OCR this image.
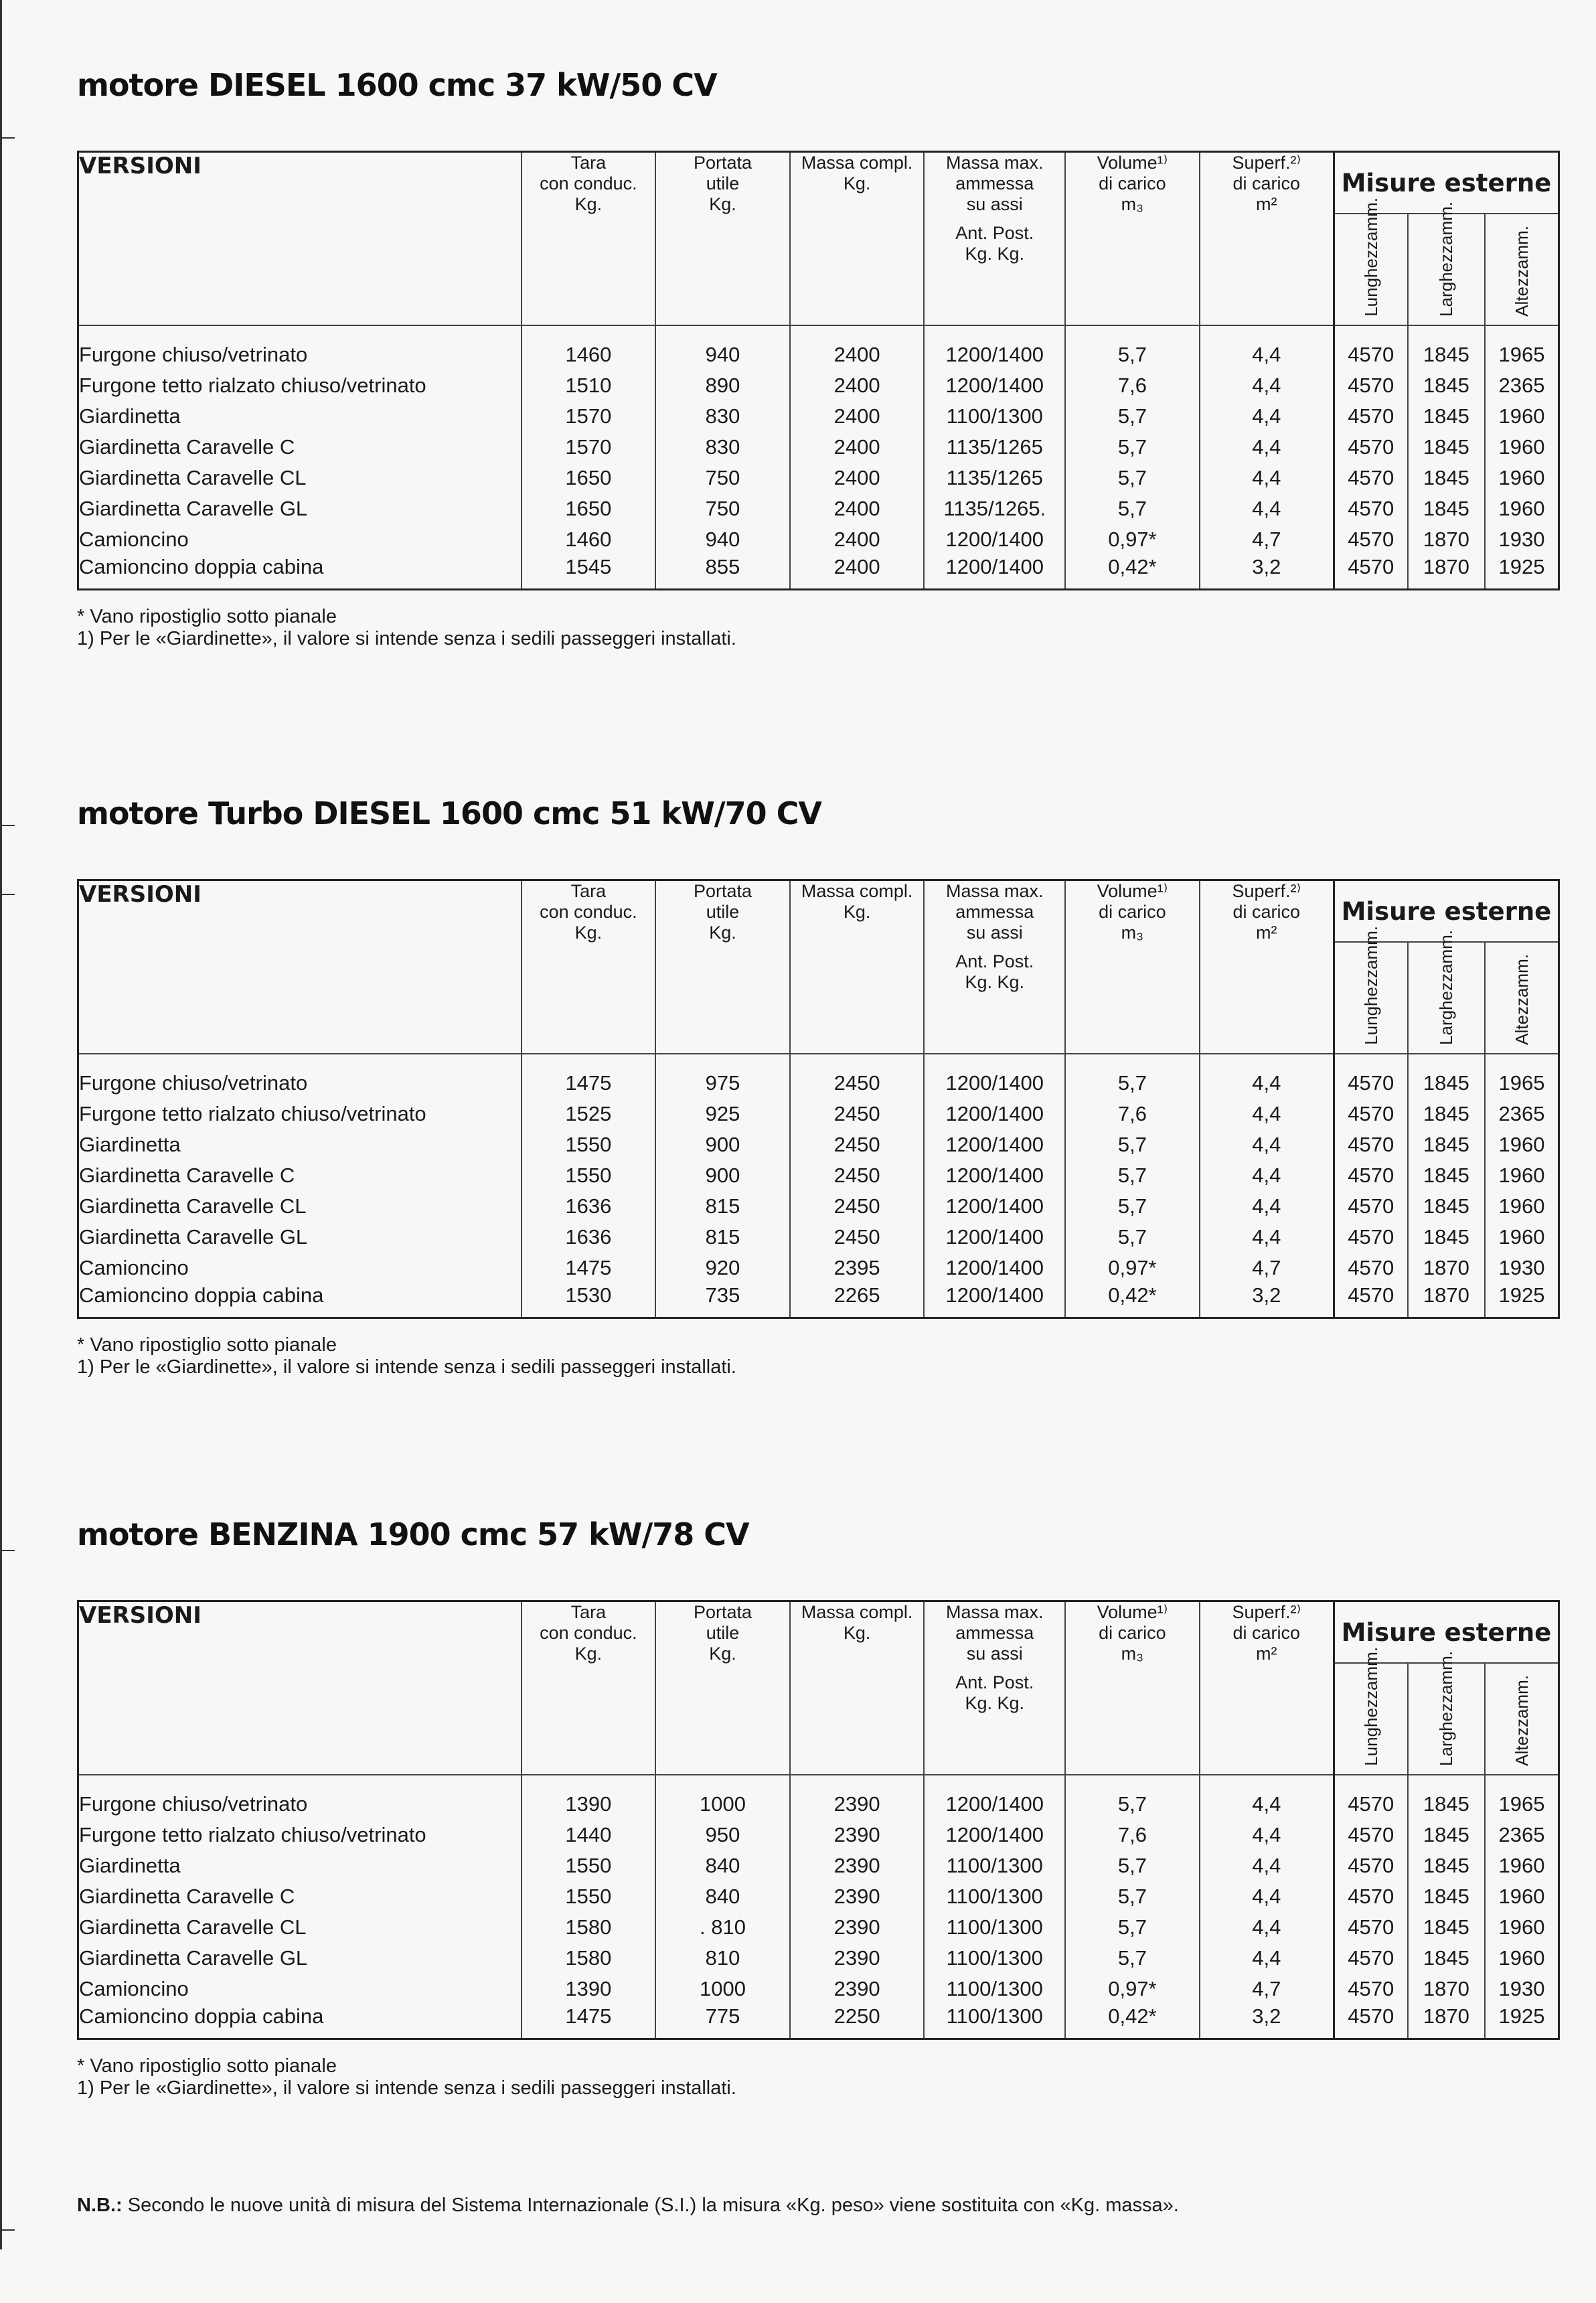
motore DIESEL 1600 cmc 37 kW/50 CV
VERSIONI	Tara
con conduc.
Kg.	Portata
utile
Kg.	Massa compl.
Kg.	Massa max.
ammessa
su assi
Ant. Post.
Kg. Kg.	Volume¹⁾
di carico
m₃	Superf.²⁾
di carico
m²	Misure esterne		

							Lunghezzamm.	Larghezzamm.	Altezzamm.

Furgone chiuso/vetrinato	1460	940	2400	1200/1400	5,7	4,4	4570	1845	1965
Furgone tetto rialzato chiuso/vetrinato	1510	890	2400	1200/1400	7,6	4,4	4570	1845	2365
Giardinetta	1570	830	2400	1100/1300	5,7	4,4	4570	1845	1960
Giardinetta Caravelle C	1570	830	2400	1135/1265	5,7	4,4	4570	1845	1960
Giardinetta Caravelle CL	1650	750	2400	1135/1265	5,7	4,4	4570	1845	1960
Giardinetta Caravelle GL	1650	750	2400	1135/1265.	5,7	4,4	4570	1845	1960
Camioncino	1460	940	2400	1200/1400	0,97*	4,7	4570	1870	1930
Camioncino doppia cabina	1545	855	2400	1200/1400	0,42*	3,2	4570	1870	1925

* Vano ripostiglio sotto pianale

1) Per le «Giardinette», il valore si intende senza i sedili passeggeri installati.

motore Turbo DIESEL 1600 cmc 51 kW/70 CV
VERSIONI	Tara
con conduc.
Kg.	Portata
utile
Kg.	Massa compl.
Kg.	Massa max.
ammessa
su assi
Ant. Post.
Kg. Kg.	Volume¹⁾
di carico
m₃	Superf.²⁾
di carico
m²	Misure esterne		

							Lunghezzamm.	Larghezzamm.	Altezzamm.

Furgone chiuso/vetrinato	1475	975	2450	1200/1400	5,7	4,4	4570	1845	1965
Furgone tetto rialzato chiuso/vetrinato	1525	925	2450	1200/1400	7,6	4,4	4570	1845	2365
Giardinetta	1550	900	2450	1200/1400	5,7	4,4	4570	1845	1960
Giardinetta Caravelle C	1550	900	2450	1200/1400	5,7	4,4	4570	1845	1960
Giardinetta Caravelle CL	1636	815	2450	1200/1400	5,7	4,4	4570	1845	1960
Giardinetta Caravelle GL	1636	815	2450	1200/1400	5,7	4,4	4570	1845	1960
Camioncino	1475	920	2395	1200/1400	0,97*	4,7	4570	1870	1930
Camioncino doppia cabina	1530	735	2265	1200/1400	0,42*	3,2	4570	1870	1925

* Vano ripostiglio sotto pianale

1) Per le «Giardinette», il valore si intende senza i sedili passeggeri installati.

motore BENZINA 1900 cmc 57 kW/78 CV
VERSIONI	Tara
con conduc.
Kg.	Portata
utile
Kg.	Massa compl.
Kg.	Massa max.
ammessa
su assi
Ant. Post.
Kg. Kg.	Volume¹⁾
di carico
m₃	Superf.²⁾
di carico
m²	Misure esterne		

							Lunghezzamm.	Larghezzamm.	Altezzamm.

Furgone chiuso/vetrinato	1390	1000	2390	1200/1400	5,7	4,4	4570	1845	1965
Furgone tetto rialzato chiuso/vetrinato	1440	950	2390	1200/1400	7,6	4,4	4570	1845	2365
Giardinetta	1550	840	2390	1100/1300	5,7	4,4	4570	1845	1960
Giardinetta Caravelle C	1550	840	2390	1100/1300	5,7	4,4	4570	1845	1960
Giardinetta Caravelle CL	1580	. 810	2390	1100/1300	5,7	4,4	4570	1845	1960
Giardinetta Caravelle GL	1580	810	2390	1100/1300	5,7	4,4	4570	1845	1960
Camioncino	1390	1000	2390	1100/1300	0,97*	4,7	4570	1870	1930
Camioncino doppia cabina	1475	775	2250	1100/1300	0,42*	3,2	4570	1870	1925

* Vano ripostiglio sotto pianale

1) Per le «Giardinette», il valore si intende senza i sedili passeggeri installati.

N.B.: Secondo le nuove unità di misura del Sistema Internazionale (S.I.) la misura «Kg. peso» viene sostituita con «Kg. massa».
